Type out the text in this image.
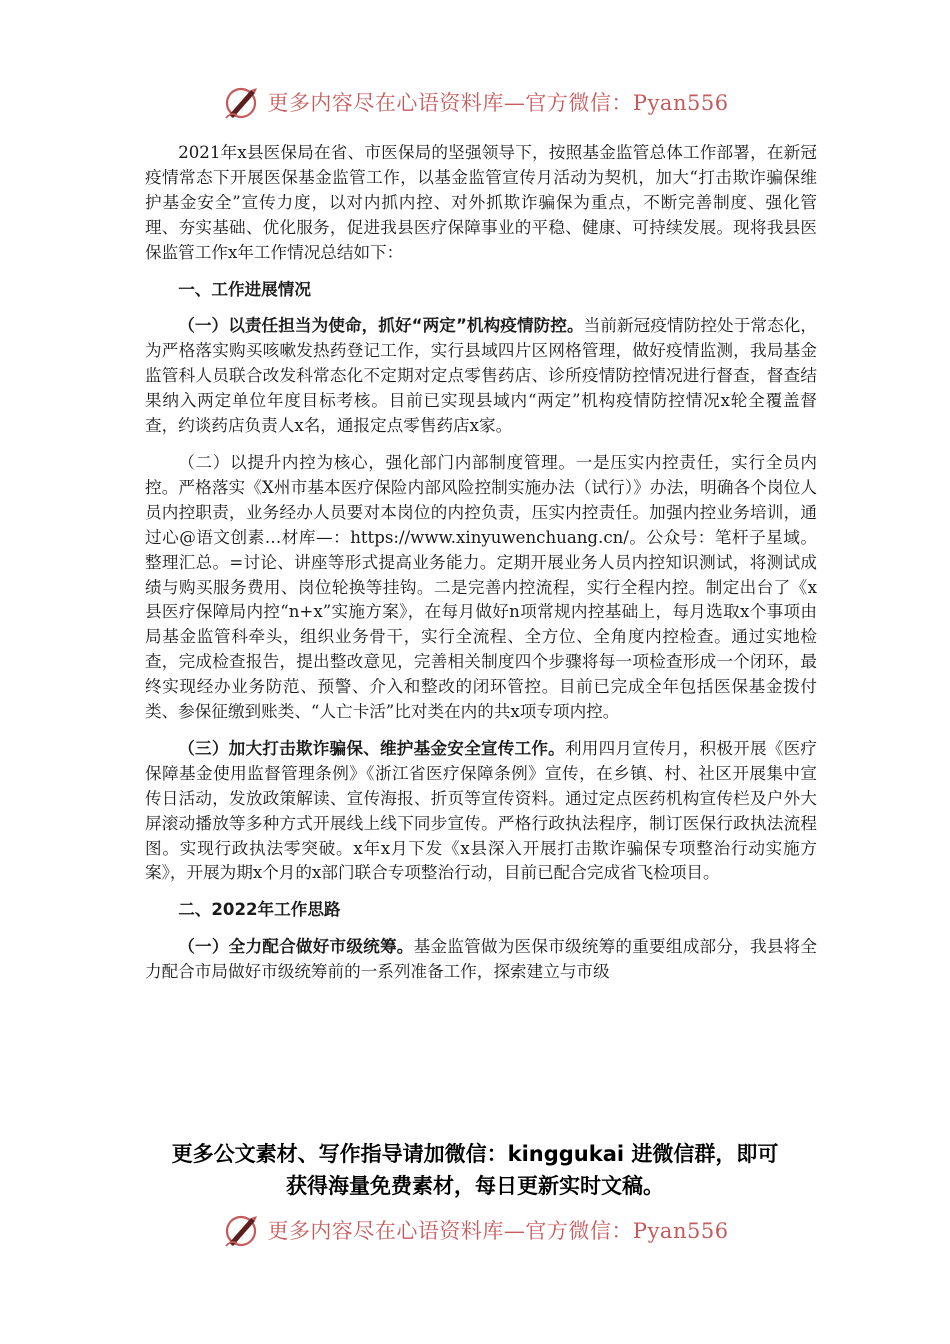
更多内容尽在心语资料库—官方微信：Pyan556

2021年x县医保局在省、市医保局的坚强领导下，按照基金监管总体工作部署，在新冠疫情常态下开展医保基金监管工作，以基金监管宣传月活动为契机，加大“打击欺诈骗保维护基金安全”宣传力度，以对内抓内控、对外抓欺诈骗保为重点，不断完善制度、强化管理、夯实基础、优化服务，促进我县医疗保障事业的平稳、健康、可持续发展。现将我县医保监管工作x年工作情况总结如下：

一、工作进展情况

（一）以责任担当为使命，抓好“两定”机构疫情防控。当前新冠疫情防控处于常态化，为严格落实购买咳嗽发热药登记工作，实行县域四片区网格管理，做好疫情监测，我局基金监管科人员联合改发科常态化不定期对定点零售药店、诊所疫情防控情况进行督查，督查结果纳入两定单位年度目标考核。目前已实现县域内“两定”机构疫情防控情况x轮全覆盖督查，约谈药店负责人x名，通报定点零售药店x家。

（二）以提升内控为核心，强化部门内部制度管理。一是压实内控责任，实行全员内控。严格落实《X州市基本医疗保险内部风险控制实施办法（试行）》办法，明确各个岗位人员内控职责，业务经办人员要对本岗位的内控负责，压实内控责任。加强内控业务培训，通过心@语文创素…材库—：https://www.xinyuwenchuang.cn/。公众号：笔杆子星域。整理汇总。=讨论、讲座等形式提高业务能力。定期开展业务人员内控知识测试，将测试成绩与购买服务费用、岗位轮换等挂钩。二是完善内控流程，实行全程内控。制定出台了《x县医疗保障局内控“n+x”实施方案》，在每月做好n项常规内控基础上，每月选取x个事项由局基金监管科牵头，组织业务骨干，实行全流程、全方位、全角度内控检查。通过实地检查，完成检查报告，提出整改意见，完善相关制度四个步骤将每一项检查形成一个闭环，最终实现经办业务防范、预警、介入和整改的闭环管控。目前已完成全年包括医保基金拨付类、参保征缴到账类、“人亡卡活”比对类在内的共x项专项内控。

（三）加大打击欺诈骗保、维护基金安全宣传工作。利用四月宣传月，积极开展《医疗保障基金使用监督管理条例》《浙江省医疗保障条例》宣传，在乡镇、村、社区开展集中宣传日活动，发放政策解读、宣传海报、折页等宣传资料。通过定点医药机构宣传栏及户外大屏滚动播放等多种方式开展线上线下同步宣传。严格行政执法程序，制订医保行政执法流程图。实现行政执法零突破。x年x月下发《x县深入开展打击欺诈骗保专项整治行动实施方案》，开展为期x个月的x部门联合专项整治行动，目前已配合完成省飞检项目。

二、2022年工作思路

（一）全力配合做好市级统筹。基金监管做为医保市级统筹的重要组成部分，我县将全力配合市局做好市级统筹前的一系列准备工作，探索建立与市级

更多公文素材、写作指导请加微信：kinggukai 进微信群，即可
获得海量免费素材，每日更新实时文稿。
更多内容尽在心语资料库—官方微信：Pyan556
